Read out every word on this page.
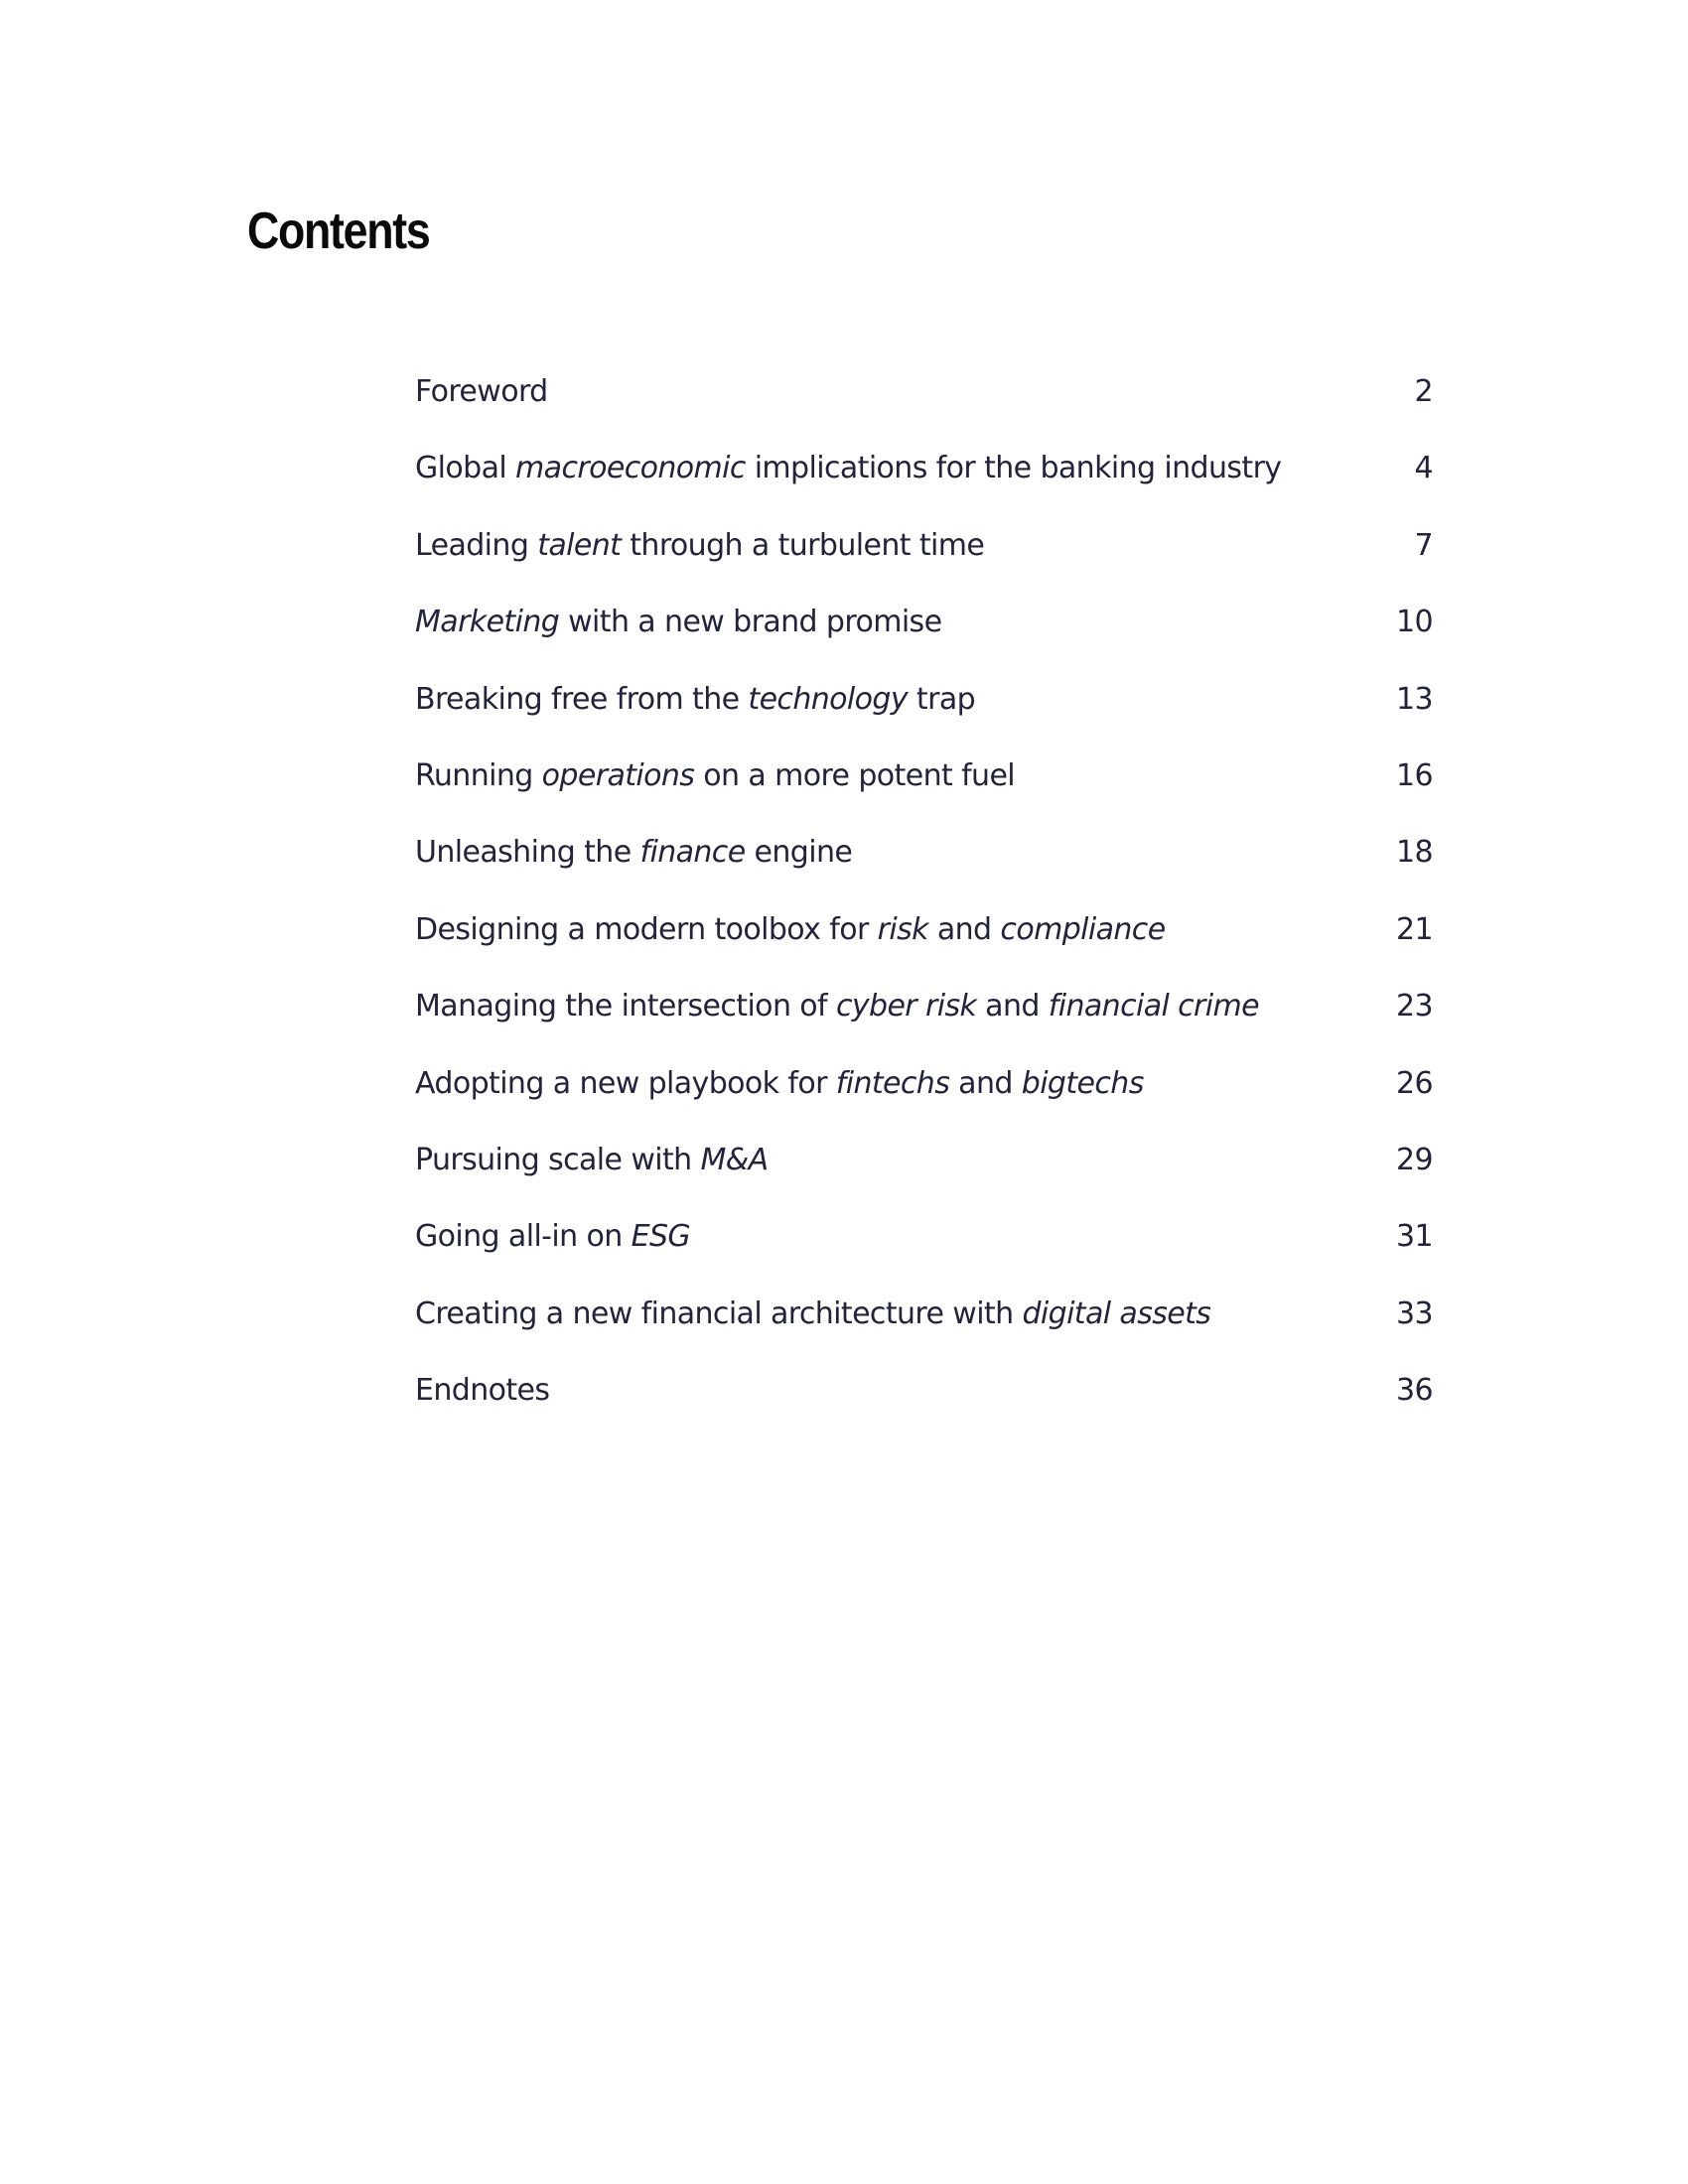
Contents
Foreword	2
Global macroeconomic implications for the banking industry	4
Leading talent through a turbulent time	7
Marketing with a new brand promise	10
Breaking free from the technology trap	13
Running operations on a more potent fuel	16
Unleashing the finance engine	18
Designing a modern toolbox for risk and compliance	21
Managing the intersection of cyber risk and financial crime	23
Adopting a new playbook for fintechs and bigtechs	26
Pursuing scale with M&A	29
Going all-in on ESG	31
Creating a new financial architecture with digital assets	33
Endnotes	36
